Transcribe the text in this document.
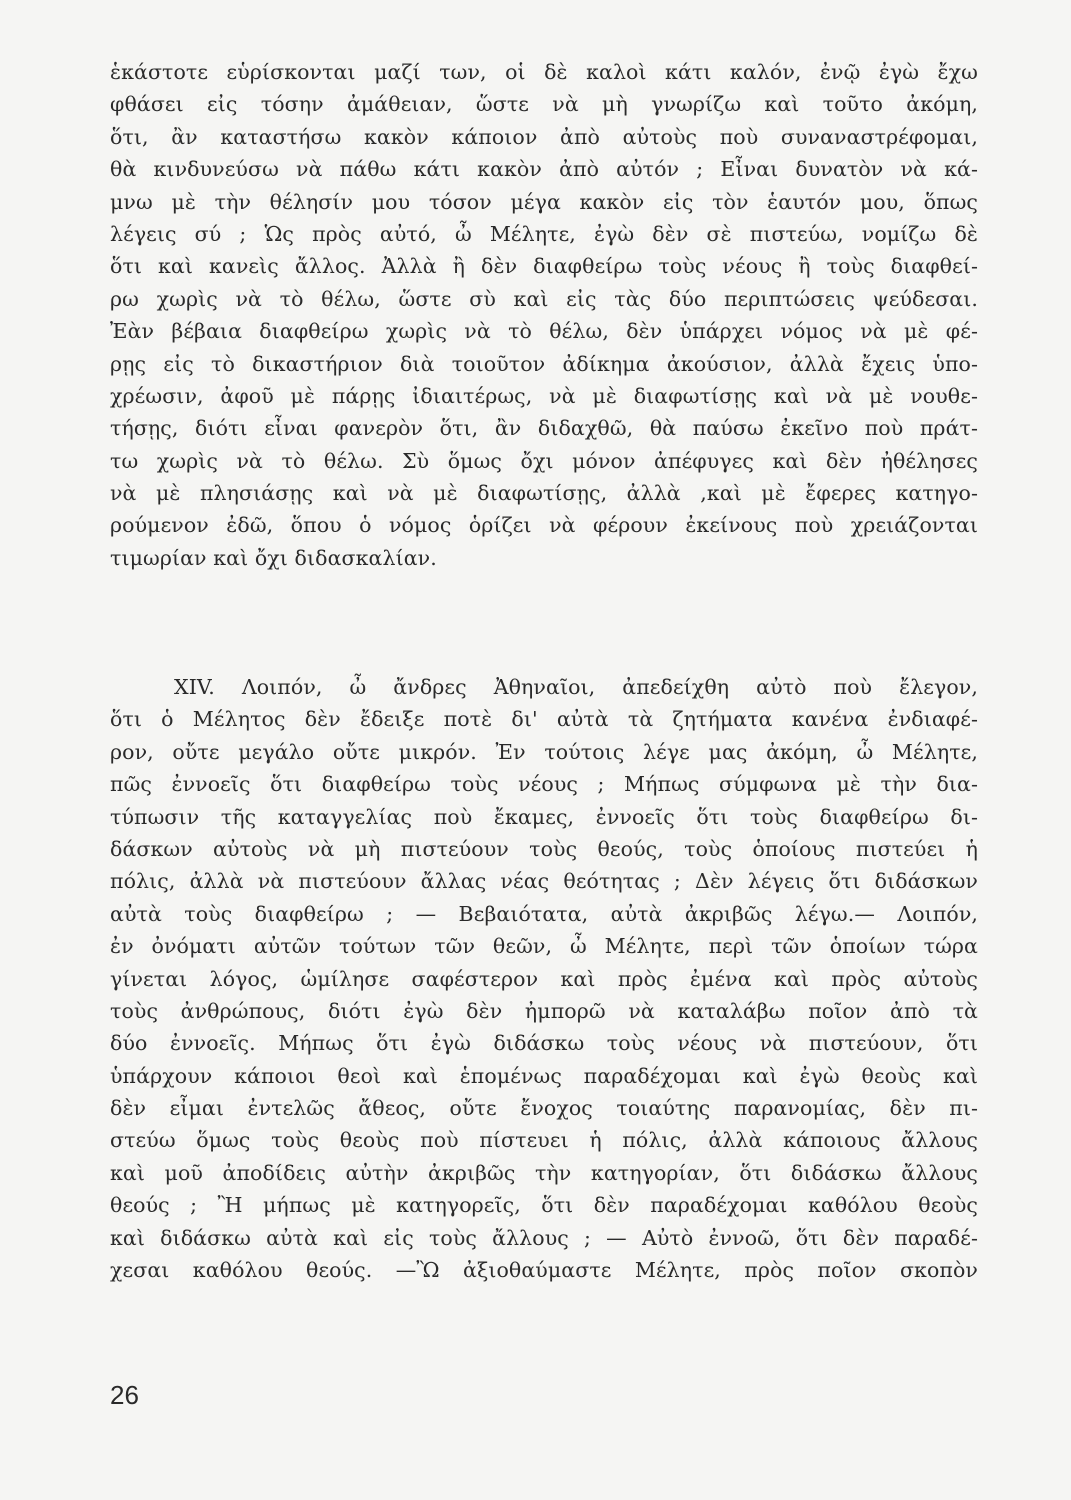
ἑκάστοτε εὑρίσκονται μαζί των, οἱ δὲ καλοὶ κάτι καλόν, ἐνῷ ἐγὼ ἔχω
φθάσει εἰς τόσην ἀμάθειαν, ὥστε νὰ μὴ γνωρίζω καὶ τοῦτο ἀκόμη,
ὅτι, ἂν καταστήσω κακὸν κάποιον ἀπὸ αὐτοὺς ποὺ συναναστρέφομαι,
θὰ κινδυνεύσω νὰ πάθω κάτι κακὸν ἀπὸ αὐτόν ; Εἶναι δυνατὸν νὰ κά-
μνω μὲ τὴν θέλησίν μου τόσον μέγα κακὸν εἰς τὸν ἑαυτόν μου, ὅπως
λέγεις σύ ; Ὡς πρὸς αὐτό, ὦ Μέλητε, ἐγὼ δὲν σὲ πιστεύω, νομίζω δὲ
ὅτι καὶ κανεὶς ἄλλος. Ἀλλὰ ἢ δὲν διαφθείρω τοὺς νέους ἢ τοὺς διαφθεί-
ρω χωρὶς νὰ τὸ θέλω, ὥστε σὺ καὶ εἰς τὰς δύο περιπτώσεις ψεύδεσαι.
Ἐὰν βέβαια διαφθείρω χωρὶς νὰ τὸ θέλω, δὲν ὑπάρχει νόμος νὰ μὲ φέ-
ρῃς εἰς τὸ δικαστήριον διὰ τοιοῦτον ἀδίκημα ἀκούσιον, ἀλλὰ ἔχεις ὑπο-
χρέωσιν, ἀφοῦ μὲ πάρῃς ἰδιαιτέρως, νὰ μὲ διαφωτίσῃς καὶ νὰ μὲ νουθε-
τήσῃς, διότι εἶναι φανερὸν ὅτι, ἂν διδαχθῶ, θὰ παύσω ἐκεῖνο ποὺ πράτ-
τω χωρὶς νὰ τὸ θέλω. Σὺ ὅμως ὄχι μόνον ἀπέφυγες καὶ δὲν ἠθέλησες
νὰ μὲ πλησιάσῃς καὶ νὰ μὲ διαφωτίσῃς, ἀλλὰ ,καὶ μὲ ἔφερες κατηγο-
ρούμενον ἐδῶ, ὅπου ὁ νόμος ὁρίζει νὰ φέρουν ἐκείνους ποὺ χρειάζονται
τιμωρίαν καὶ ὄχι διδασκαλίαν.
XIV. Λοιπόν, ὦ ἄνδρες Ἀθηναῖοι, ἀπεδείχθη αὐτὸ ποὺ ἔλεγον,
ὅτι ὁ Μέλητος δὲν ἔδειξε ποτὲ δι' αὐτὰ τὰ ζητήματα κανένα ἐνδιαφέ-
ρον, οὔτε μεγάλο οὔτε μικρόν. Ἐν τούτοις λέγε μας ἀκόμη, ὦ Μέλητε,
πῶς ἐννοεῖς ὅτι διαφθείρω τοὺς νέους ; Μήπως σύμφωνα μὲ τὴν δια-
τύπωσιν τῆς καταγγελίας ποὺ ἔκαμες, ἐννοεῖς ὅτι τοὺς διαφθείρω δι-
δάσκων αὐτοὺς νὰ μὴ πιστεύουν τοὺς θεούς, τοὺς ὁποίους πιστεύει ἡ
πόλις, ἀλλὰ νὰ πιστεύουν ἄλλας νέας θεότητας ; Δὲν λέγεις ὅτι διδάσκων
αὐτὰ τοὺς διαφθείρω ; — Βεβαιότατα, αὐτὰ ἀκριβῶς λέγω.— Λοιπόν,
ἐν ὀνόματι αὐτῶν τούτων τῶν θεῶν, ὦ Μέλητε, περὶ τῶν ὁποίων τώρα
γίνεται λόγος, ὡμίλησε σαφέστερον καὶ πρὸς ἐμένα καὶ πρὸς αὐτοὺς
τοὺς ἀνθρώπους, διότι ἐγὼ δὲν ἠμπορῶ νὰ καταλάβω ποῖον ἀπὸ τὰ
δύο ἐννοεῖς. Μήπως ὅτι ἐγὼ διδάσκω τοὺς νέους νὰ πιστεύουν, ὅτι
ὑπάρχουν κάποιοι θεοὶ καὶ ἑπομένως παραδέχομαι καὶ ἐγὼ θεοὺς καὶ
δὲν εἶμαι ἐντελῶς ἄθεος, οὔτε ἔνοχος τοιαύτης παρανομίας, δὲν πι-
στεύω ὅμως τοὺς θεοὺς ποὺ πίστευει ἡ πόλις, ἀλλὰ κάποιους ἄλλους
καὶ μοῦ ἀποδίδεις αὐτὴν ἀκριβῶς τὴν κατηγορίαν, ὅτι διδάσκω ἄλλους
θεούς ; Ἢ μήπως μὲ κατηγορεῖς, ὅτι δὲν παραδέχομαι καθόλου θεοὺς
καὶ διδάσκω αὐτὰ καὶ εἰς τοὺς ἄλλους ; — Αὐτὸ ἐννοῶ, ὅτι δὲν παραδέ-
χεσαι καθόλου θεούς. —Ὢ ἀξιοθαύμαστε Μέλητε, πρὸς ποῖον σκοπὸν
26
